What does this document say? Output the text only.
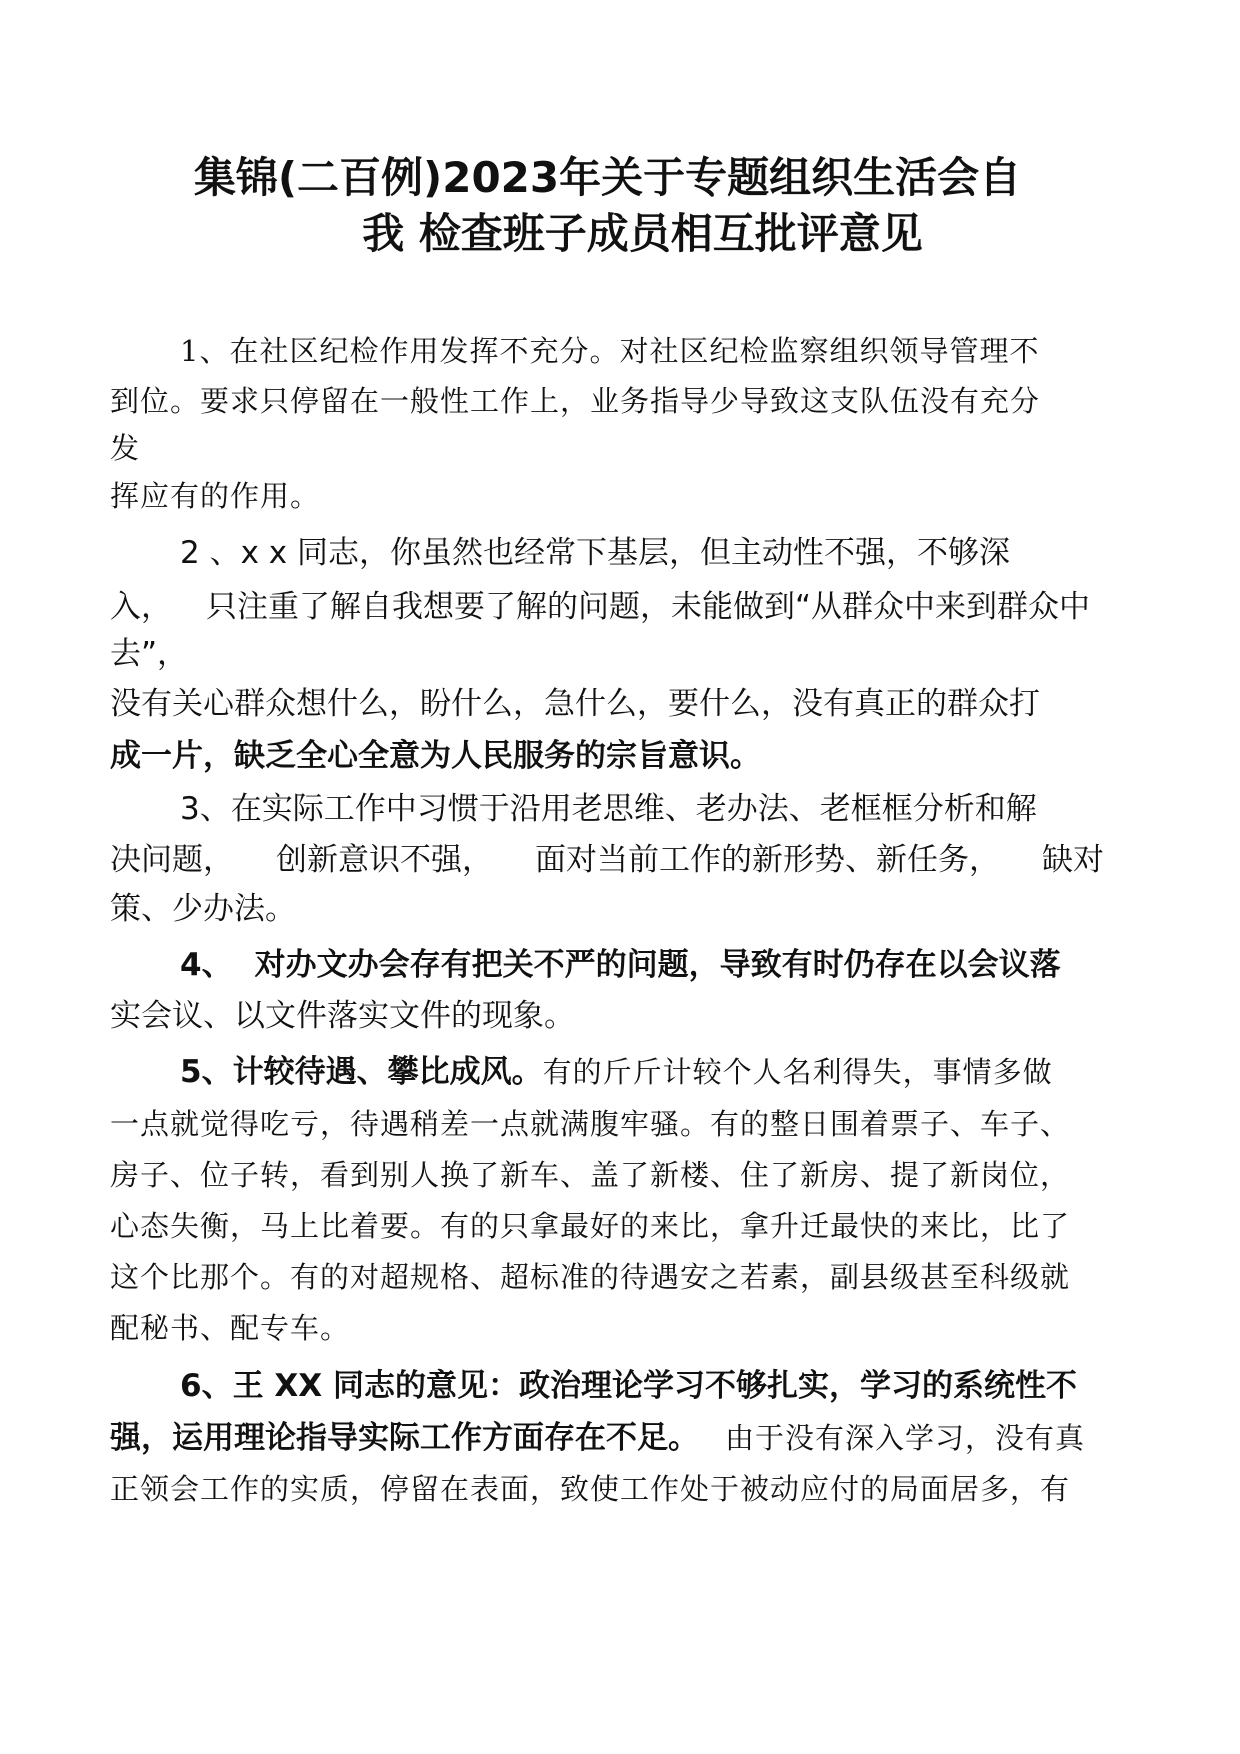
集锦(二百例)2023年关于专题组织生活会自
我 检查班子成员相互批评意见

1、在社区纪检作用发挥不充分。对社区纪检监察组织领导管理不

到位。要求只停留在一般性工作上，业务指导少导致这支队伍没有充分

发

挥应有的作用。

2 、x x 同志，你虽然也经常下基层，但主动性不强，不够深

入， 只注重了解自我想要了解的问题，未能做到“从群众中来到群众中

去”，

没有关心群众想什么，盼什么，急什么，要什么，没有真正的群众打

成一片，缺乏全心全意为人民服务的宗旨意识。

3、在实际工作中习惯于沿用老思维、老办法、老框框分析和解

决问题， 创新意识不强， 面对当前工作的新形势、新任务， 缺对

策、少办法。

4、 对办文办会存有把关不严的问题，导致有时仍存在以会议落

实会议、以文件落实文件的现象。

5、计较待遇、攀比成风。有的斤斤计较个人名利得失，事情多做

一点就觉得吃亏，待遇稍差一点就满腹牢骚。有的整日围着票子、车子、

房子、位子转，看到别人换了新车、盖了新楼、住了新房、提了新岗位，

心态失衡，马上比着要。有的只拿最好的来比，拿升迁最快的来比，比了

这个比那个。有的对超规格、超标准的待遇安之若素，副县级甚至科级就

配秘书、配专车。

6、王 XX 同志的意见：政治理论学习不够扎实，学习的系统性不

强，运用理论指导实际工作方面存在不足。 由于没有深入学习，没有真

正领会工作的实质，停留在表面，致使工作处于被动应付的局面居多，有
